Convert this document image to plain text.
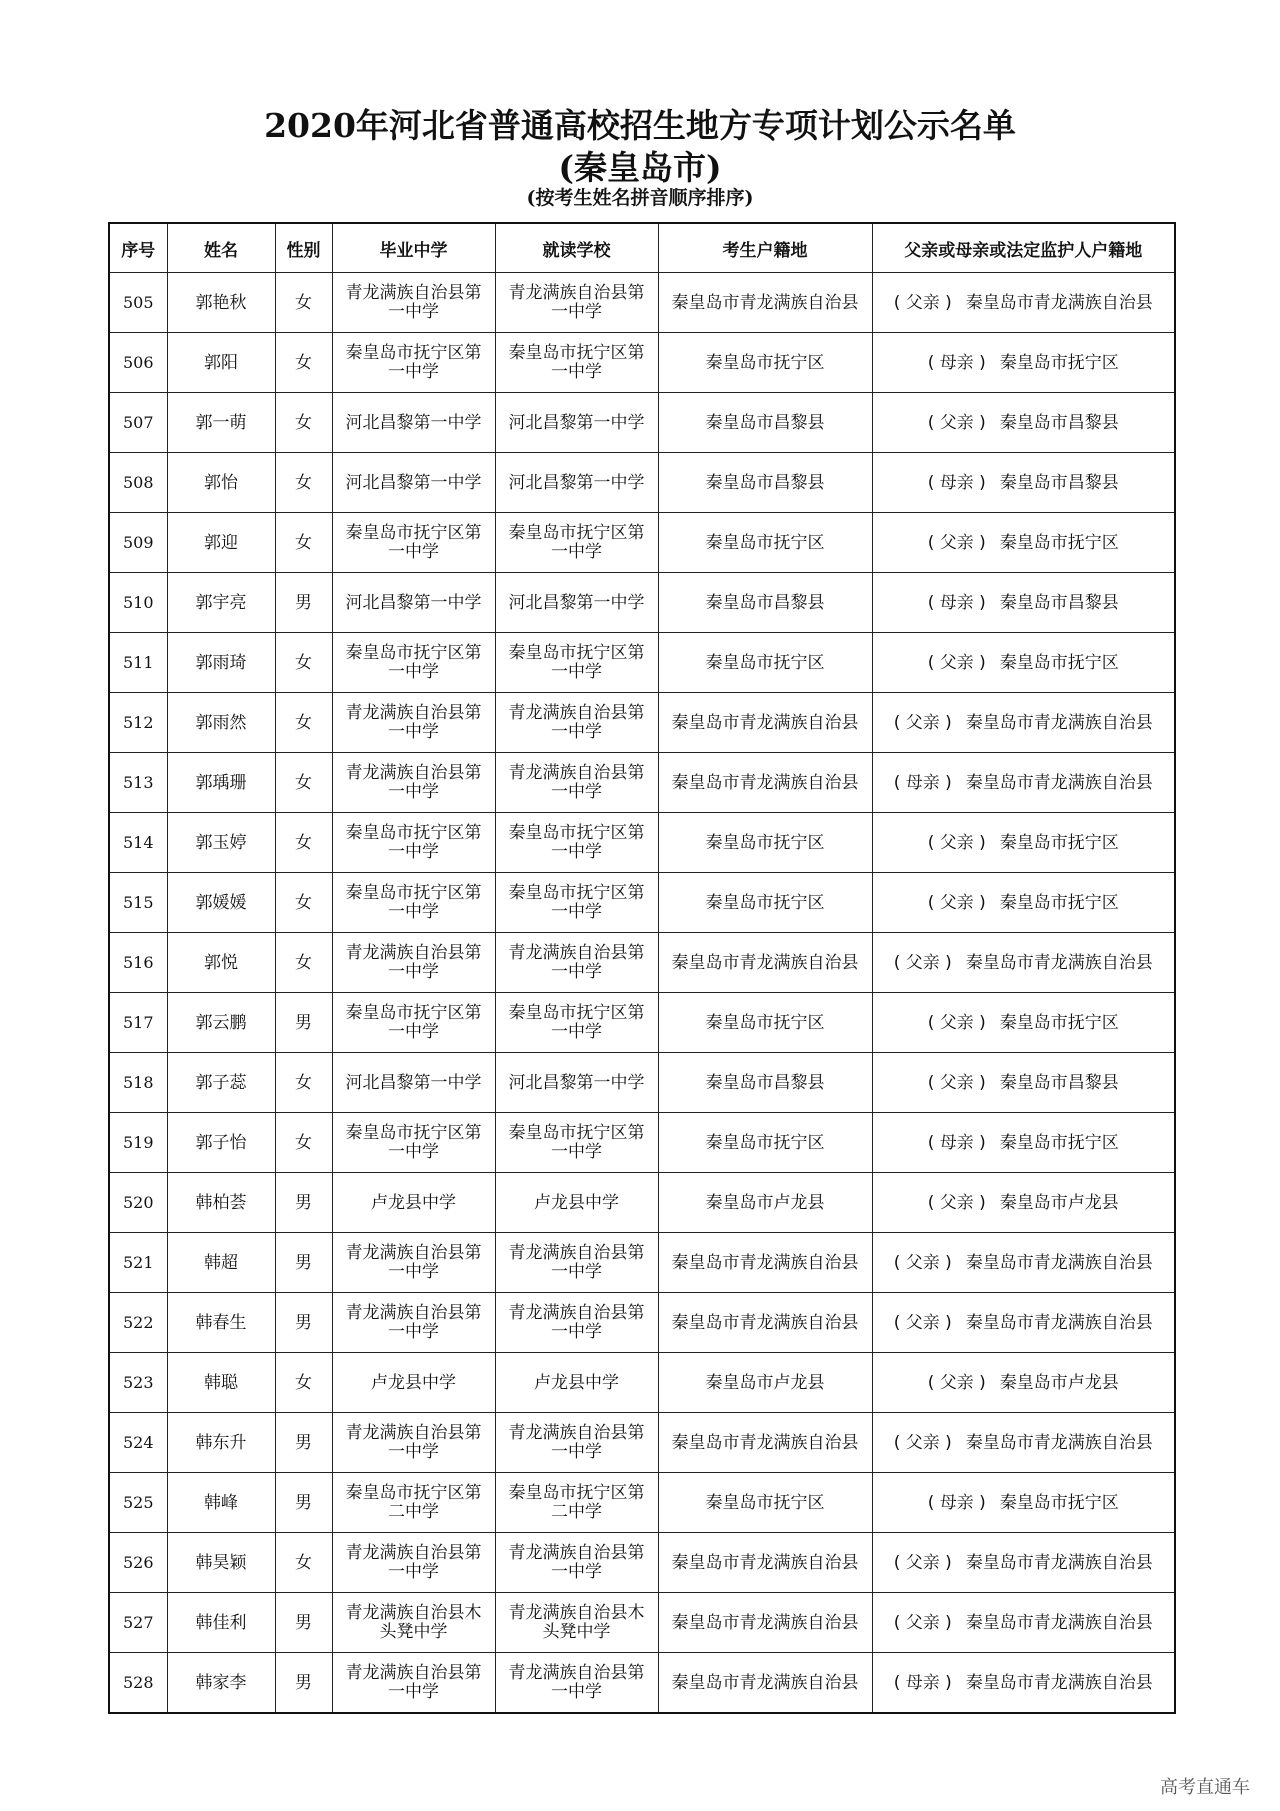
2020年河北省普通高校招生地方专项计划公示名单
(秦皇岛市)
(按考生姓名拼音顺序排序)
序号	姓名	性别	毕业中学	就读学校	考生户籍地	父亲或母亲或法定监护人户籍地
505	郭艳秋	女	青龙满族自治县第一中学	青龙满族自治县第一中学	秦皇岛市青龙满族自治县	( 父亲 ) 秦皇岛市青龙满族自治县
506	郭阳	女	秦皇岛市抚宁区第一中学	秦皇岛市抚宁区第一中学	秦皇岛市抚宁区	( 母亲 ) 秦皇岛市抚宁区
507	郭一萌	女	河北昌黎第一中学	河北昌黎第一中学	秦皇岛市昌黎县	( 父亲 ) 秦皇岛市昌黎县
508	郭怡	女	河北昌黎第一中学	河北昌黎第一中学	秦皇岛市昌黎县	( 母亲 ) 秦皇岛市昌黎县
509	郭迎	女	秦皇岛市抚宁区第一中学	秦皇岛市抚宁区第一中学	秦皇岛市抚宁区	( 父亲 ) 秦皇岛市抚宁区
510	郭宇亮	男	河北昌黎第一中学	河北昌黎第一中学	秦皇岛市昌黎县	( 母亲 ) 秦皇岛市昌黎县
511	郭雨琦	女	秦皇岛市抚宁区第一中学	秦皇岛市抚宁区第一中学	秦皇岛市抚宁区	( 父亲 ) 秦皇岛市抚宁区
512	郭雨然	女	青龙满族自治县第一中学	青龙满族自治县第一中学	秦皇岛市青龙满族自治县	( 父亲 ) 秦皇岛市青龙满族自治县
513	郭瑀珊	女	青龙满族自治县第一中学	青龙满族自治县第一中学	秦皇岛市青龙满族自治县	( 母亲 ) 秦皇岛市青龙满族自治县
514	郭玉婷	女	秦皇岛市抚宁区第一中学	秦皇岛市抚宁区第一中学	秦皇岛市抚宁区	( 父亲 ) 秦皇岛市抚宁区
515	郭媛媛	女	秦皇岛市抚宁区第一中学	秦皇岛市抚宁区第一中学	秦皇岛市抚宁区	( 父亲 ) 秦皇岛市抚宁区
516	郭悦	女	青龙满族自治县第一中学	青龙满族自治县第一中学	秦皇岛市青龙满族自治县	( 父亲 ) 秦皇岛市青龙满族自治县
517	郭云鹏	男	秦皇岛市抚宁区第一中学	秦皇岛市抚宁区第一中学	秦皇岛市抚宁区	( 父亲 ) 秦皇岛市抚宁区
518	郭子蕊	女	河北昌黎第一中学	河北昌黎第一中学	秦皇岛市昌黎县	( 父亲 ) 秦皇岛市昌黎县
519	郭子怡	女	秦皇岛市抚宁区第一中学	秦皇岛市抚宁区第一中学	秦皇岛市抚宁区	( 母亲 ) 秦皇岛市抚宁区
520	韩柏荟	男	卢龙县中学	卢龙县中学	秦皇岛市卢龙县	( 父亲 ) 秦皇岛市卢龙县
521	韩超	男	青龙满族自治县第一中学	青龙满族自治县第一中学	秦皇岛市青龙满族自治县	( 父亲 ) 秦皇岛市青龙满族自治县
522	韩春生	男	青龙满族自治县第一中学	青龙满族自治县第一中学	秦皇岛市青龙满族自治县	( 父亲 ) 秦皇岛市青龙满族自治县
523	韩聪	女	卢龙县中学	卢龙县中学	秦皇岛市卢龙县	( 父亲 ) 秦皇岛市卢龙县
524	韩东升	男	青龙满族自治县第一中学	青龙满族自治县第一中学	秦皇岛市青龙满族自治县	( 父亲 ) 秦皇岛市青龙满族自治县
525	韩峰	男	秦皇岛市抚宁区第二中学	秦皇岛市抚宁区第二中学	秦皇岛市抚宁区	( 母亲 ) 秦皇岛市抚宁区
526	韩昊颖	女	青龙满族自治县第一中学	青龙满族自治县第一中学	秦皇岛市青龙满族自治县	( 父亲 ) 秦皇岛市青龙满族自治县
527	韩佳利	男	青龙满族自治县木头凳中学	青龙满族自治县木头凳中学	秦皇岛市青龙满族自治县	( 父亲 ) 秦皇岛市青龙满族自治县
528	韩家李	男	青龙满族自治县第一中学	青龙满族自治县第一中学	秦皇岛市青龙满族自治县	( 母亲 ) 秦皇岛市青龙满族自治县
高考直通车
